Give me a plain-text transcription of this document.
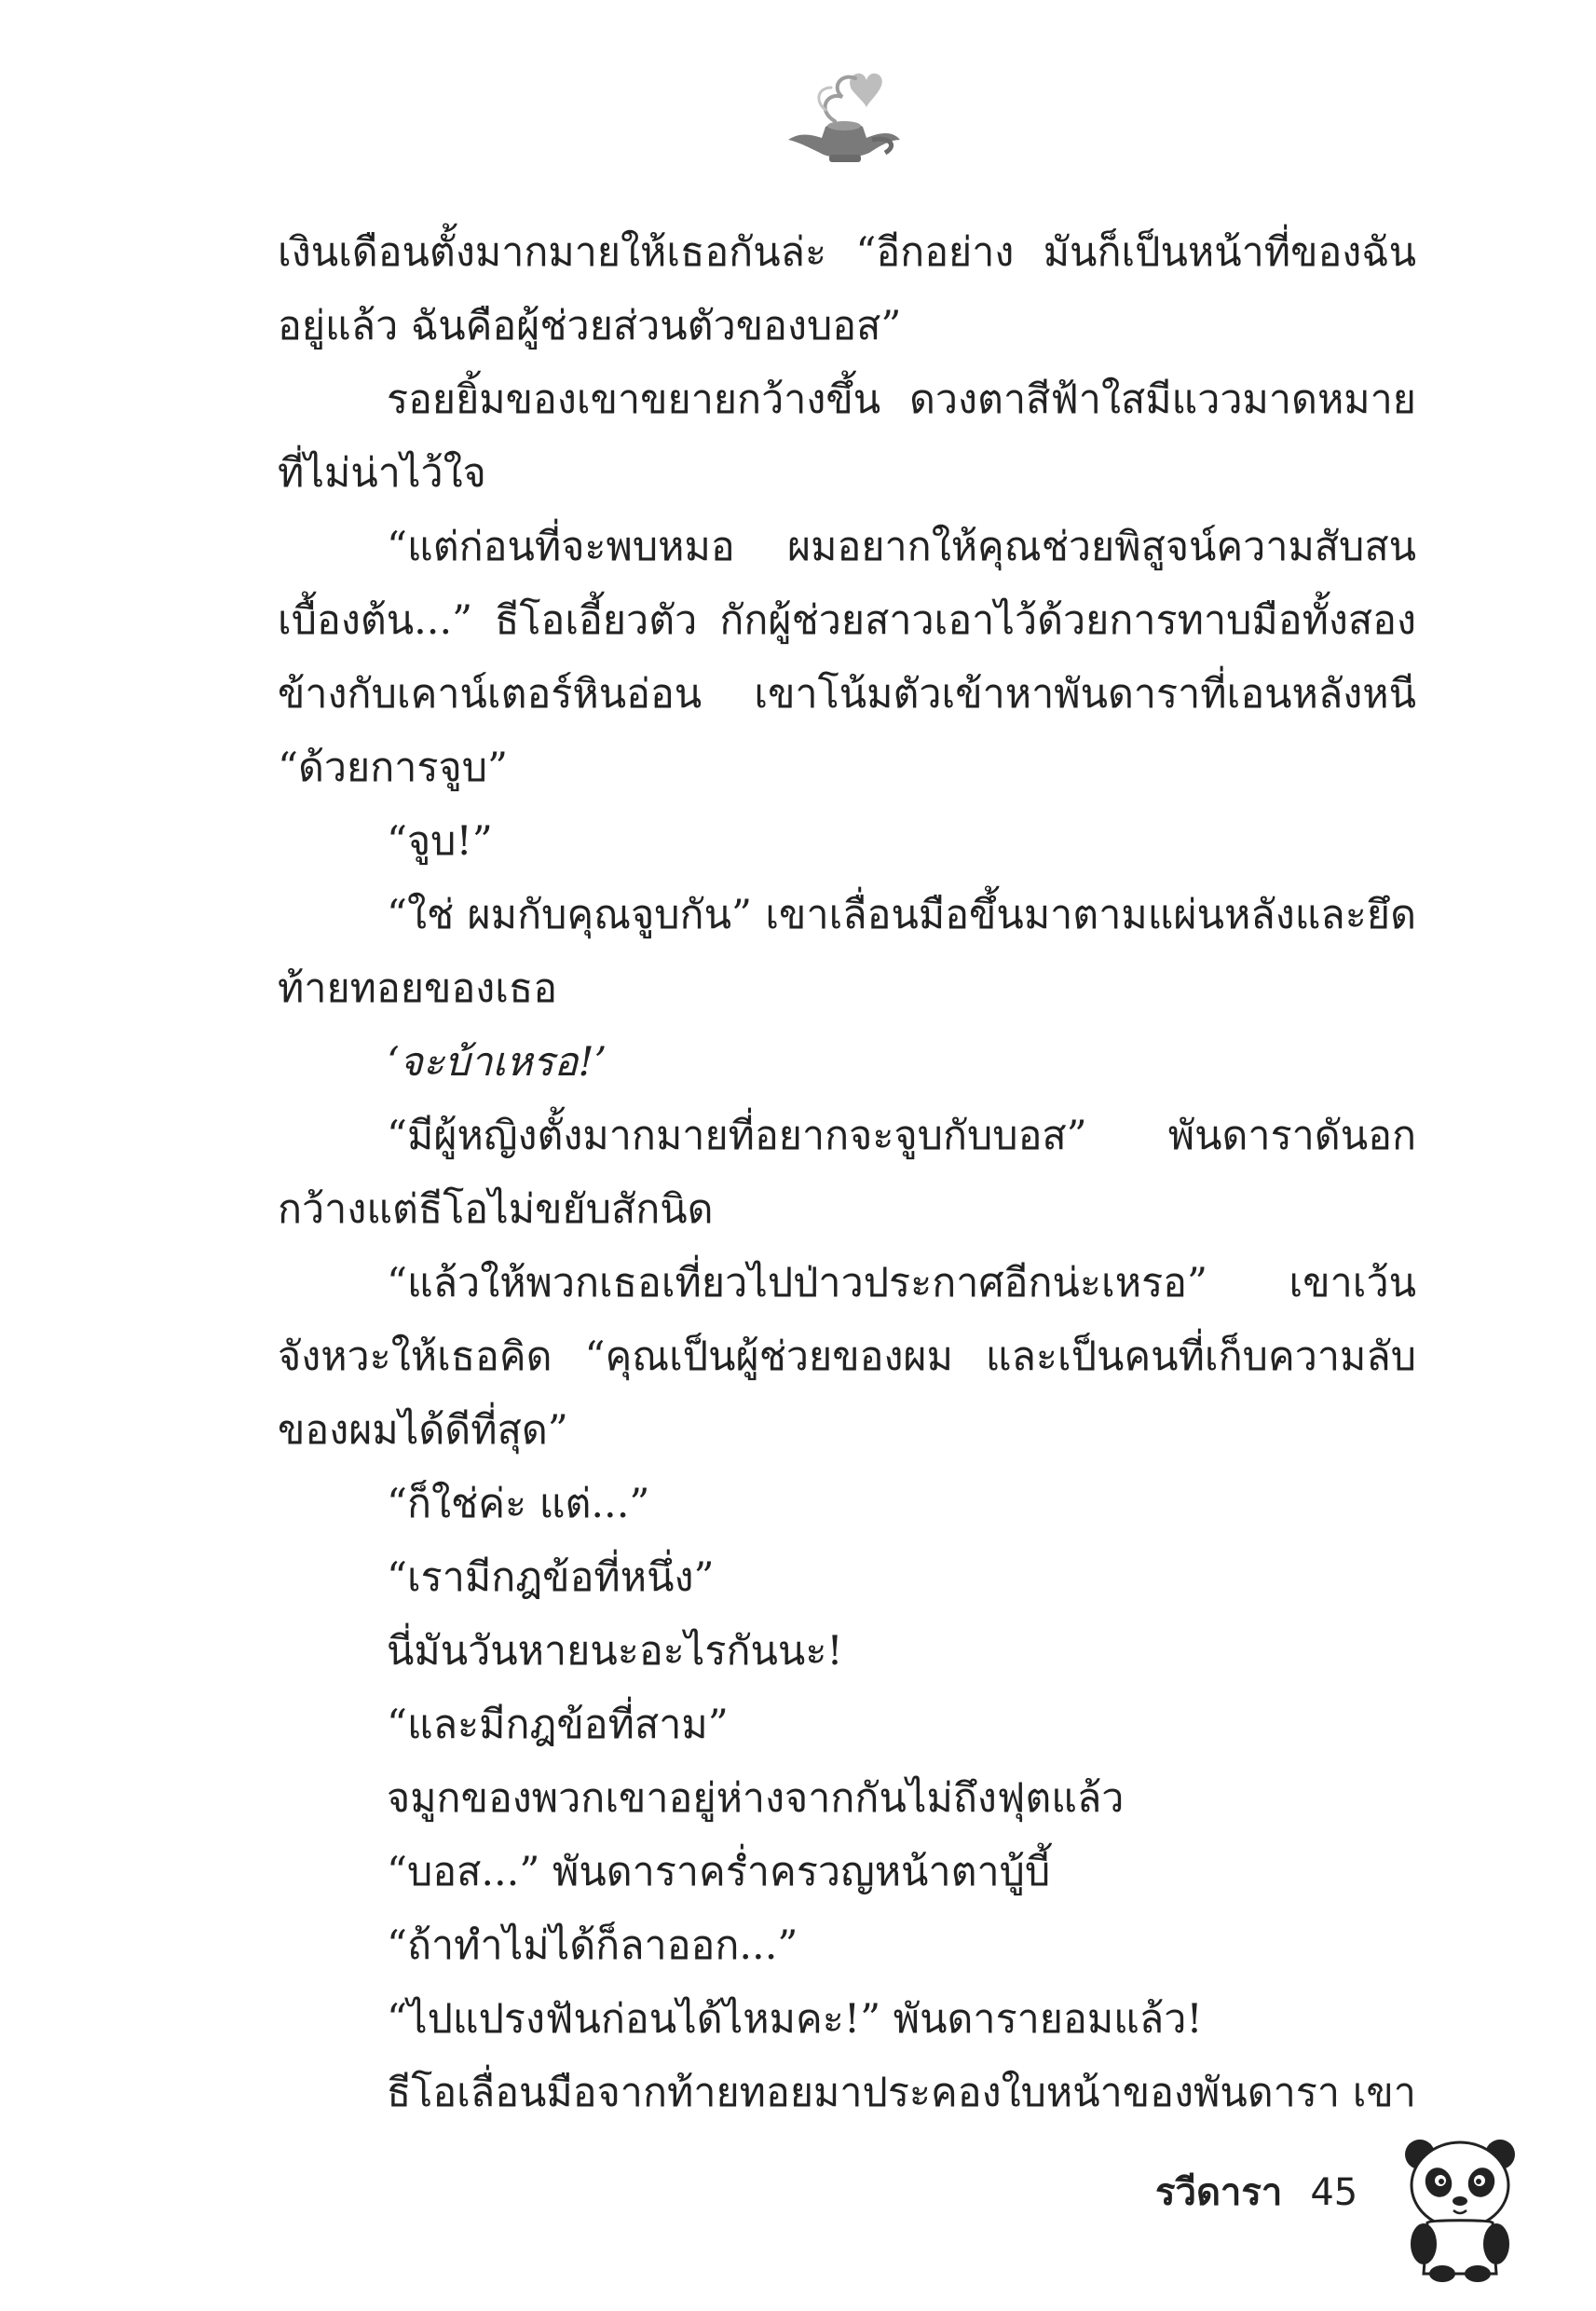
เงินเดือนตั้งมากมายให้เธอกันล่ะ “อีกอย่าง มันก็เป็นหน้าที่ของฉันอยู่แล้ว ฉันคือผู้ช่วยส่วนตัวของบอส”

รอยยิ้มของเขาขยายกว้างขึ้น ดวงตาสีฟ้าใสมีแววมาดหมายที่ไม่น่าไว้ใจ

“แต่ก่อนที่จะพบหมอ ผมอยากให้คุณช่วยพิสูจน์ความสับสนเบื้องต้น...” ธีโอเอี้ยวตัว กักผู้ช่วยสาวเอาไว้ด้วยการทาบมือทั้งสองข้างกับเคาน์เตอร์หินอ่อน เขาโน้มตัวเข้าหาพันดาราที่เอนหลังหนี “ด้วยการจูบ”

“จูบ!”

“ใช่ ผมกับคุณจูบกัน” เขาเลื่อนมือขึ้นมาตามแผ่นหลังและยึดท้ายทอยของเธอ

‘จะบ้าเหรอ!’

“มีผู้หญิงตั้งมากมายที่อยากจะจูบกับบอส” พันดาราดันอกกว้างแต่ธีโอไม่ขยับสักนิด

“แล้วให้พวกเธอเที่ยวไปป่าวประกาศอีกน่ะเหรอ” เขาเว้นจังหวะให้เธอคิด “คุณเป็นผู้ช่วยของผม และเป็นคนที่เก็บความลับของผมได้ดีที่สุด”

“ก็ใช่ค่ะ แต่...”

“เรามีกฎข้อที่หนึ่ง”

นี่มันวันหายนะอะไรกันนะ!

“และมีกฎข้อที่สาม”

จมูกของพวกเขาอยู่ห่างจากกันไม่ถึงฟุตแล้ว

“บอส...” พันดาราคร่ำครวญหน้าตาบู้บี้

“ถ้าทำไม่ได้ก็ลาออก...”

“ไปแปรงฟันก่อนได้ไหมคะ!” พันดารายอมแล้ว!

ธีโอเลื่อนมือจากท้ายทอยมาประคองใบหน้าของพันดารา เขา

รวีดารา 45
